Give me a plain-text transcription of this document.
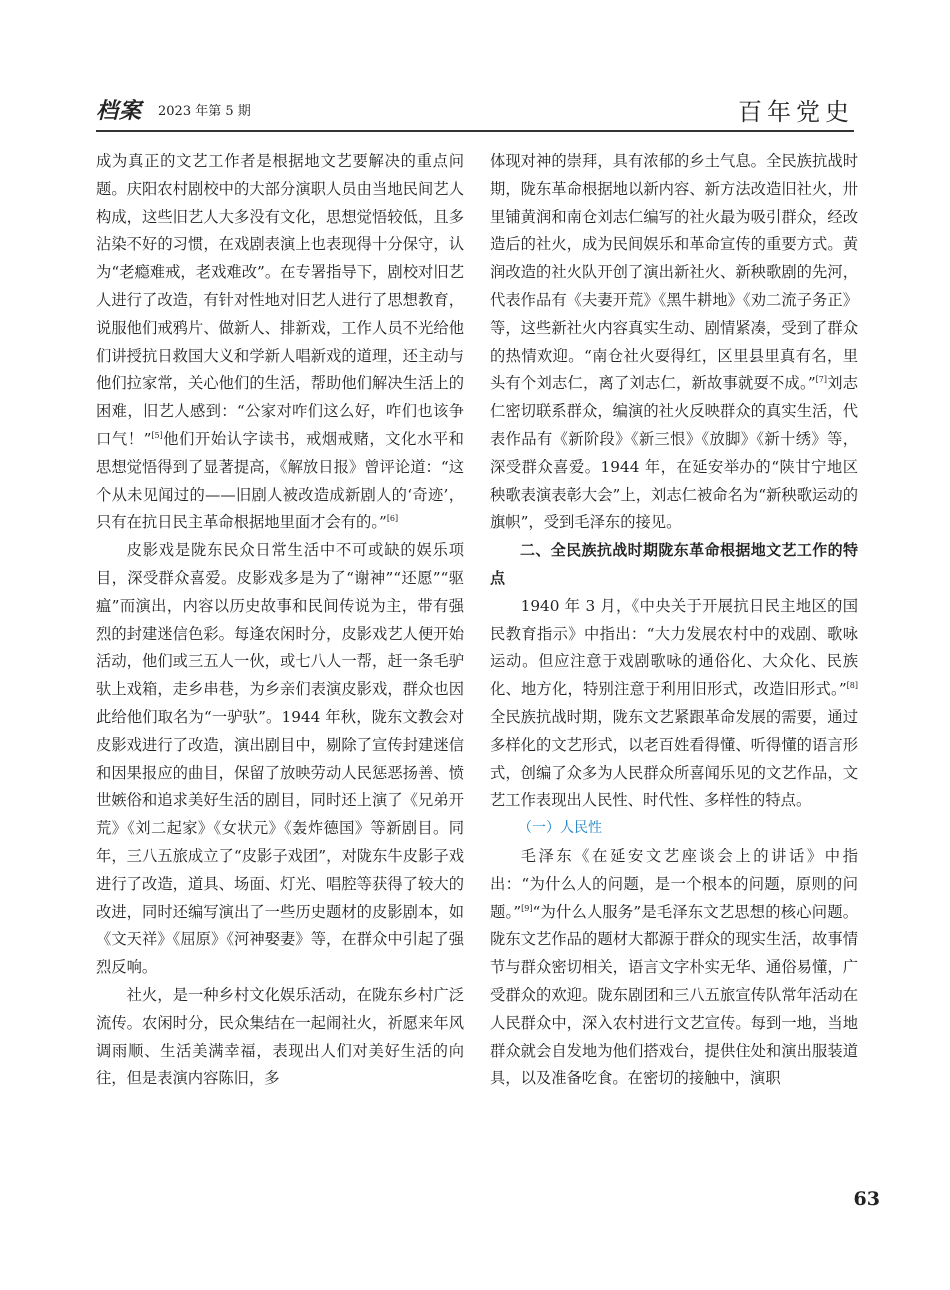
档案 2023 年第 5 期	百年党史

成为真正的文艺工作者是根据地文艺要解决的重点问题。庆阳农村剧校中的大部分演职人员由当地民间艺人构成，这些旧艺人大多没有文化，思想觉悟较低，且多沾染不好的习惯，在戏剧表演上也表现得十分保守，认为“老瘾难戒，老戏难改”。在专署指导下，剧校对旧艺人进行了改造，有针对性地对旧艺人进行了思想教育，说服他们戒鸦片、做新人、排新戏，工作人员不光给他们讲授抗日救国大义和学新人唱新戏的道理，还主动与他们拉家常，关心他们的生活，帮助他们解决生活上的困难，旧艺人感到：“公家对咋们这么好，咋们也该争口气！”[5]他们开始认字读书，戒烟戒赌，文化水平和思想觉悟得到了显著提高，《解放日报》曾评论道：“这个从未见闻过的——旧剧人被改造成新剧人的‘奇迹’，只有在抗日民主革命根据地里面才会有的。”[6]

皮影戏是陇东民众日常生活中不可或缺的娱乐项目，深受群众喜爱。皮影戏多是为了“谢神”“还愿”“驱瘟”而演出，内容以历史故事和民间传说为主，带有强烈的封建迷信色彩。每逢农闲时分，皮影戏艺人便开始活动，他们或三五人一伙，或七八人一帮，赶一条毛驴驮上戏箱，走乡串巷，为乡亲们表演皮影戏，群众也因此给他们取名为“一驴驮”。1944 年秋，陇东文教会对皮影戏进行了改造，演出剧目中，剔除了宣传封建迷信和因果报应的曲目，保留了放映劳动人民惩恶扬善、愤世嫉俗和追求美好生活的剧目，同时还上演了《兄弟开荒》《刘二起家》《女状元》《轰炸德国》等新剧目。同年，三八五旅成立了“皮影子戏团”，对陇东牛皮影子戏进行了改造，道具、场面、灯光、唱腔等获得了较大的改进，同时还编写演出了一些历史题材的皮影剧本，如《文天祥》《屈原》《河神娶妻》等，在群众中引起了强烈反响。

社火，是一种乡村文化娱乐活动，在陇东乡村广泛流传。农闲时分，民众集结在一起闹社火，祈愿来年风调雨顺、生活美满幸福，表现出人们对美好生活的向往，但是表演内容陈旧，多

体现对神的崇拜，具有浓郁的乡土气息。全民族抗战时期，陇东革命根据地以新内容、新方法改造旧社火，卅里铺黄润和南仓刘志仁编写的社火最为吸引群众，经改造后的社火，成为民间娱乐和革命宣传的重要方式。黄润改造的社火队开创了演出新社火、新秧歌剧的先河，代表作品有《夫妻开荒》《黑牛耕地》《劝二流子务正》等，这些新社火内容真实生动、剧情紧凑，受到了群众的热情欢迎。“南仓社火耍得红，区里县里真有名，里头有个刘志仁，离了刘志仁，新故事就耍不成。”[7]刘志仁密切联系群众，编演的社火反映群众的真实生活，代表作品有《新阶段》《新三恨》《放脚》《新十绣》等，深受群众喜爱。1944 年，在延安举办的“陕甘宁地区秧歌表演表彰大会”上，刘志仁被命名为“新秧歌运动的旗帜”，受到毛泽东的接见。

二、全民族抗战时期陇东革命根据地文艺工作的特点

1940 年 3 月，《中央关于开展抗日民主地区的国民教育指示》中指出：“大力发展农村中的戏剧、歌咏运动。但应注意于戏剧歌咏的通俗化、大众化、民族化、地方化，特别注意于利用旧形式，改造旧形式。”[8]全民族抗战时期，陇东文艺紧跟革命发展的需要，通过多样化的文艺形式，以老百姓看得懂、听得懂的语言形式，创编了众多为人民群众所喜闻乐见的文艺作品，文艺工作表现出人民性、时代性、多样性的特点。

（一）人民性

毛泽东《在延安文艺座谈会上的讲话》中指出：“为什么人的问题，是一个根本的问题，原则的问题。”[9]“为什么人服务”是毛泽东文艺思想的核心问题。陇东文艺作品的题材大都源于群众的现实生活，故事情节与群众密切相关，语言文字朴实无华、通俗易懂，广受群众的欢迎。陇东剧团和三八五旅宣传队常年活动在人民群众中，深入农村进行文艺宣传。每到一地，当地群众就会自发地为他们搭戏台，提供住处和演出服装道具，以及准备吃食。在密切的接触中，演职

63
